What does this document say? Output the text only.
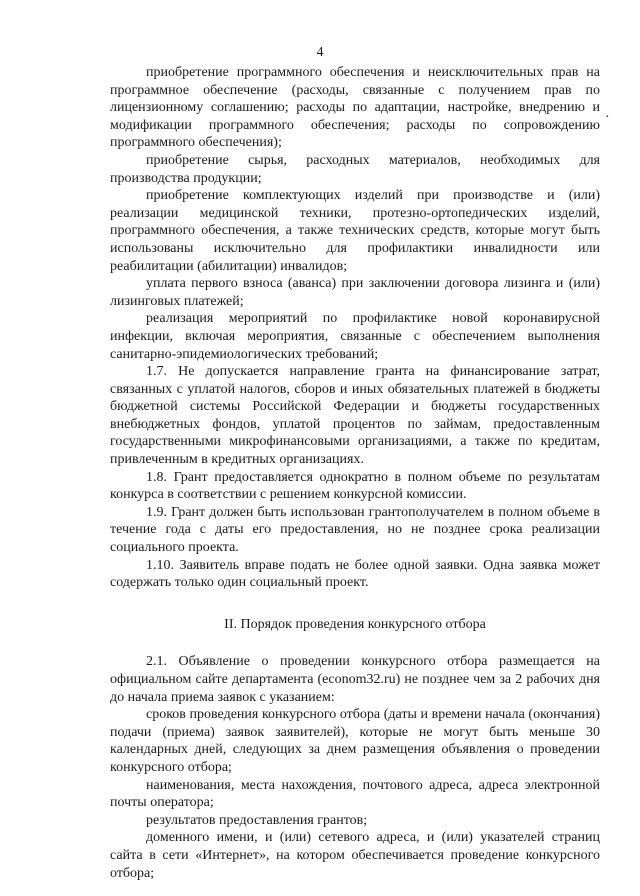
4
·

приобретение программного обеспечения и неисключительных прав на программное обеспечение (расходы, связанные с получением прав по лицензионному соглашению; расходы по адаптации, настройке, внедрению и модификации программного обеспечения; расходы по сопровождению программного обеспечения);

приобретение сырья, расходных материалов, необходимых для производства продукции;

приобретение комплектующих изделий при производстве и (или) реализации медицинской техники, протезно-ортопедических изделий, программного обеспечения, а также технических средств, которые могут быть использованы исключительно для профилактики инвалидности или реабилитации (абилитации) инвалидов;

уплата первого взноса (аванса) при заключении договора лизинга и (или) лизинговых платежей;

реализация мероприятий по профилактике новой коронавирусной инфекции, включая мероприятия, связанные с обеспечением выполнения санитарно-эпидемиологических требований;

1.7. Не допускается направление гранта на финансирование затрат, связанных с уплатой налогов, сборов и иных обязательных платежей в бюджеты бюджетной системы Российской Федерации и бюджеты государственных внебюджетных фондов, уплатой процентов по займам, предоставленным государственными микрофинансовыми организациями, а также по кредитам, привлеченным в кредитных организациях.

1.8. Грант предоставляется однократно в полном объеме по результатам конкурса в соответствии с решением конкурсной комиссии.

1.9. Грант должен быть использован грантополучателем в полном объеме в течение года с даты его предоставления, но не позднее срока реализации социального проекта.

1.10. Заявитель вправе подать не более одной заявки. Одна заявка может содержать только один социальный проект.

II. Порядок проведения конкурсного отбора

2.1. Объявление о проведении конкурсного отбора размещается на официальном сайте департамента (econom32.ru) не позднее чем за 2 рабочих дня до начала приема заявок с указанием:

сроков проведения конкурсного отбора (даты и времени начала (окончания) подачи (приема) заявок заявителей), которые не могут быть меньше 30 календарных дней, следующих за днем размещения объявления о проведении конкурсного отбора;

наименования, места нахождения, почтового адреса, адреса электронной почты оператора;

результатов предоставления грантов;

доменного имени, и (или) сетевого адреса, и (или) указателей страниц сайта в сети «Интернет», на котором обеспечивается проведение конкурсного отбора;
